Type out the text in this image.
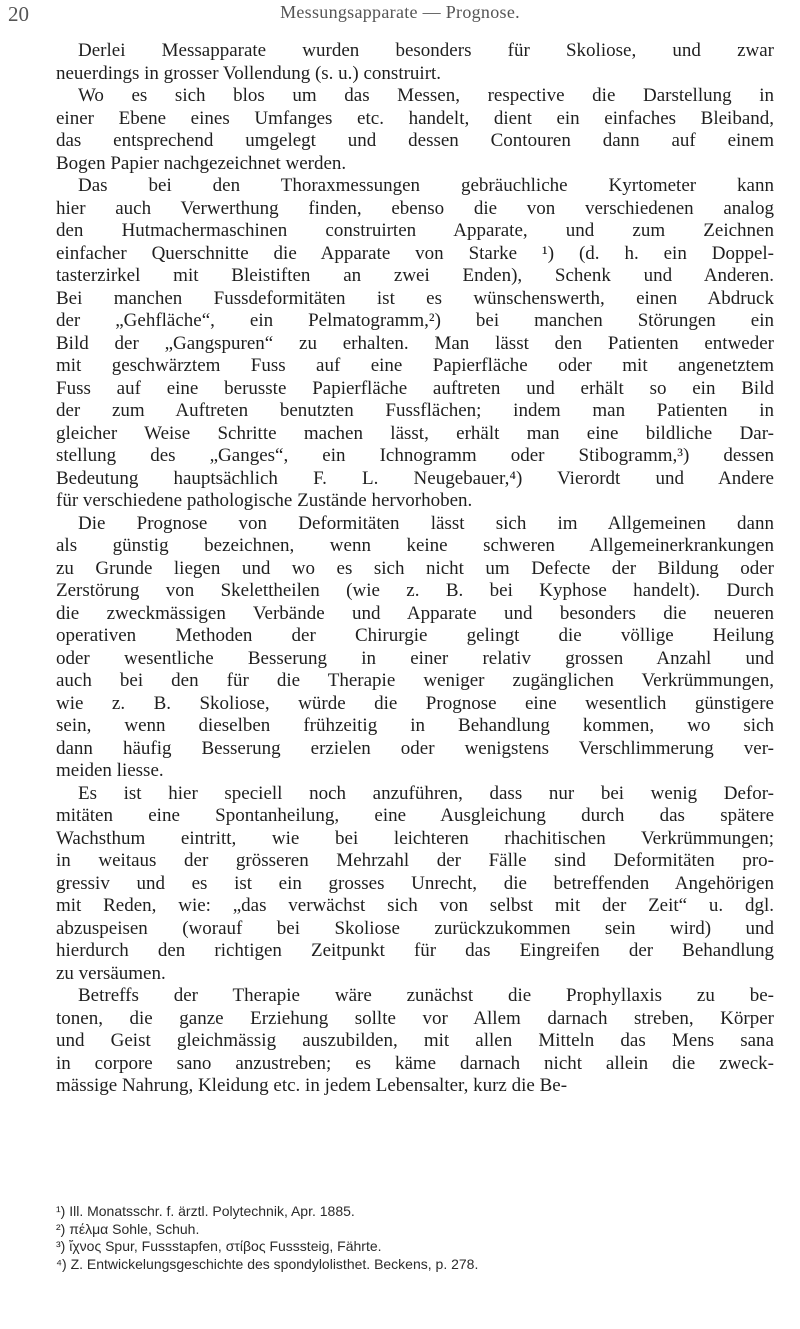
20	Messungsapparate — Prognose.
Derlei Messapparate wurden besonders für Skoliose, und zwar
neuerdings in grosser Vollendung (s. u.) construirt.
Wo es sich blos um das Messen, respective die Darstellung in
einer Ebene eines Umfanges etc. handelt, dient ein einfaches Bleiband,
das entsprechend umgelegt und dessen Contouren dann auf einem
Bogen Papier nachgezeichnet werden.
Das bei den Thoraxmessungen gebräuchliche Kyrtometer kann
hier auch Verwerthung finden, ebenso die von verschiedenen analog
den Hutmachermaschinen construirten Apparate, und zum Zeichnen
einfacher Querschnitte die Apparate von Starke ¹) (d. h. ein Doppel-
tasterzirkel mit Bleistiften an zwei Enden), Schenk und Anderen.
Bei manchen Fussdeformitäten ist es wünschenswerth, einen Abdruck
der „Gehfläche“, ein Pelmatogramm,²) bei manchen Störungen ein
Bild der „Gangspuren“ zu erhalten. Man lässt den Patienten entweder
mit geschwärztem Fuss auf eine Papierfläche oder mit angenetztem
Fuss auf eine berusste Papierfläche auftreten und erhält so ein Bild
der zum Auftreten benutzten Fussflächen; indem man Patienten in
gleicher Weise Schritte machen lässt, erhält man eine bildliche Dar-
stellung des „Ganges“, ein Ichnogramm oder Stibogramm,³) dessen
Bedeutung hauptsächlich F. L. Neugebauer,⁴) Vierordt und Andere
für verschiedene pathologische Zustände hervorhoben.
Die Prognose von Deformitäten lässt sich im Allgemeinen dann
als günstig bezeichnen, wenn keine schweren Allgemeinerkrankungen
zu Grunde liegen und wo es sich nicht um Defecte der Bildung oder
Zerstörung von Skelettheilen (wie z. B. bei Kyphose handelt). Durch
die zweckmässigen Verbände und Apparate und besonders die neueren
operativen Methoden der Chirurgie gelingt die völlige Heilung
oder wesentliche Besserung in einer relativ grossen Anzahl und
auch bei den für die Therapie weniger zugänglichen Verkrümmungen,
wie z. B. Skoliose, würde die Prognose eine wesentlich günstigere
sein, wenn dieselben frühzeitig in Behandlung kommen, wo sich
dann häufig Besserung erzielen oder wenigstens Verschlimmerung ver-
meiden liesse.
Es ist hier speciell noch anzuführen, dass nur bei wenig Defor-
mitäten eine Spontanheilung, eine Ausgleichung durch das spätere
Wachsthum eintritt, wie bei leichteren rhachitischen Verkrümmungen;
in weitaus der grösseren Mehrzahl der Fälle sind Deformitäten pro-
gressiv und es ist ein grosses Unrecht, die betreffenden Angehörigen
mit Reden, wie: „das verwächst sich von selbst mit der Zeit“ u. dgl.
abzuspeisen (worauf bei Skoliose zurückzukommen sein wird) und
hierdurch den richtigen Zeitpunkt für das Eingreifen der Behandlung
zu versäumen.
Betreffs der Therapie wäre zunächst die Prophyllaxis zu be-
tonen, die ganze Erziehung sollte vor Allem darnach streben, Körper
und Geist gleichmässig auszubilden, mit allen Mitteln das Mens sana
in corpore sano anzustreben; es käme darnach nicht allein die zweck-
mässige Nahrung, Kleidung etc. in jedem Lebensalter, kurz die Be-
¹) Ill. Monatsschr. f. ärztl. Polytechnik, Apr. 1885.
²) πέλμα Sohle, Schuh.
³) ἴχνος Spur, Fussstapfen, στίβος Fusssteig, Fährte.
⁴) Z. Entwickelungsgeschichte des spondylolisthet. Beckens, p. 278.
